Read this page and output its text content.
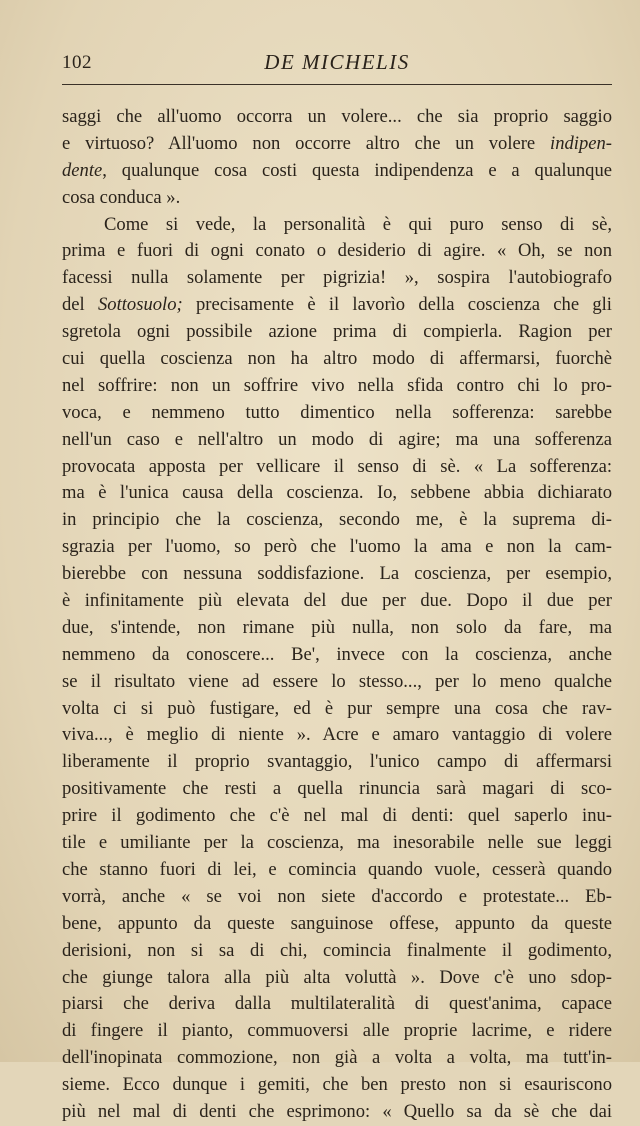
102	DE MICHELIS
saggi che all'uomo occorra un volere... che sia proprio saggio
e virtuoso? All'uomo non occorre altro che un volere indipen-
dente, qualunque cosa costi questa indipendenza e a qualunque
cosa conduca ».
Come si vede, la personalità è qui puro senso di sè,
prima e fuori di ogni conato o desiderio di agire. « Oh, se non
facessi nulla solamente per pigrizia! », sospira l'autobiografo
del Sottosuolo; precisamente è il lavorìo della coscienza che gli
sgretola ogni possibile azione prima di compierla. Ragion per
cui quella coscienza non ha altro modo di affermarsi, fuorchè
nel soffrire: non un soffrire vivo nella sfida contro chi lo pro-
voca, e nemmeno tutto dimentico nella sofferenza: sarebbe
nell'un caso e nell'altro un modo di agire; ma una sofferenza
provocata apposta per vellicare il senso di sè. « La sofferenza:
ma è l'unica causa della coscienza. Io, sebbene abbia dichiarato
in principio che la coscienza, secondo me, è la suprema di-
sgrazia per l'uomo, so però che l'uomo la ama e non la cam-
bierebbe con nessuna soddisfazione. La coscienza, per esempio,
è infinitamente più elevata del due per due. Dopo il due per
due, s'intende, non rimane più nulla, non solo da fare, ma
nemmeno da conoscere... Be', invece con la coscienza, anche
se il risultato viene ad essere lo stesso..., per lo meno qualche
volta ci si può fustigare, ed è pur sempre una cosa che rav-
viva..., è meglio di niente ». Acre e amaro vantaggio di volere
liberamente il proprio svantaggio, l'unico campo di affermarsi
positivamente che resti a quella rinuncia sarà magari di sco-
prire il godimento che c'è nel mal di denti: quel saperlo inu-
tile e umiliante per la coscienza, ma inesorabile nelle sue leggi
che stanno fuori di lei, e comincia quando vuole, cesserà quando
vorrà, anche « se voi non siete d'accordo e protestate... Eb-
bene, appunto da queste sanguinose offese, appunto da queste
derisioni, non si sa di chi, comincia finalmente il godimento,
che giunge talora alla più alta voluttà ». Dove c'è uno sdop-
piarsi che deriva dalla multilateralità di quest'anima, capace
di fingere il pianto, commuoversi alle proprie lacrime, e ridere
dell'inopinata commozione, non già a volta a volta, ma tutt'in-
sieme. Ecco dunque i gemiti, che ben presto non si esauriscono
più nel mal di denti che esprimono: « Quello sa da sè che dai
